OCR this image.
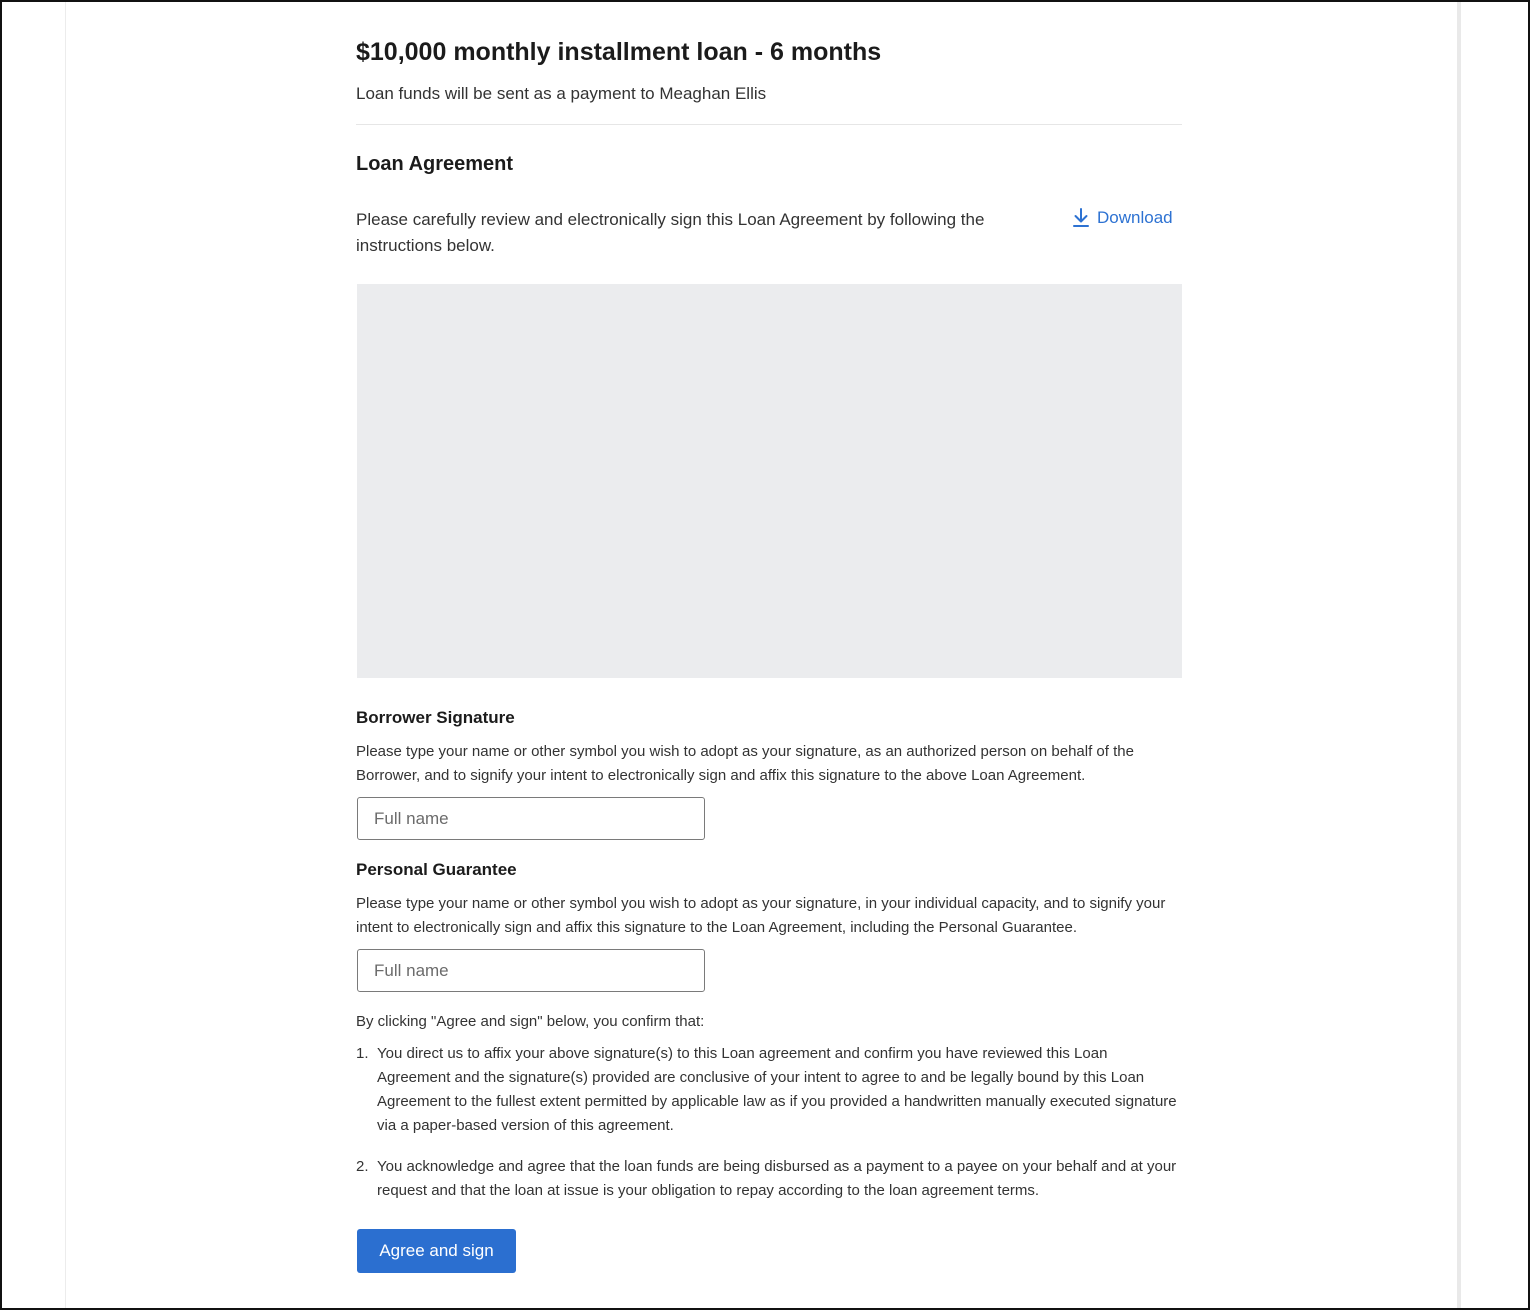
$10,000 monthly installment loan - 6 months

Loan funds will be sent as a payment to Meaghan Ellis

Loan Agreement

Please carefully review and electronically sign this Loan Agreement by following the instructions below.

Download
Borrower Signature

Please type your name or other symbol you wish to adopt as your signature, as an authorized person on behalf of the Borrower, and to signify your intent to electronically sign and affix this signature to the above Loan Agreement.

Full name
Personal Guarantee

Please type your name or other symbol you wish to adopt as your signature, in your individual capacity, and to signify your intent to electronically sign and affix this signature to the Loan Agreement, including the Personal Guarantee.

Full name

By clicking "Agree and sign" below, you confirm that:

1. You direct us to affix your above signature(s) to this Loan agreement and confirm you have reviewed this Loan Agreement and the signature(s) provided are conclusive of your intent to agree to and be legally bound by this Loan Agreement to the fullest extent permitted by applicable law as if you provided a handwritten manually executed signature via a paper-based version of this agreement.
2. You acknowledge and agree that the loan funds are being disbursed as a payment to a payee on your behalf and at your request and that the loan at issue is your obligation to repay according to the loan agreement terms.
Agree and sign
